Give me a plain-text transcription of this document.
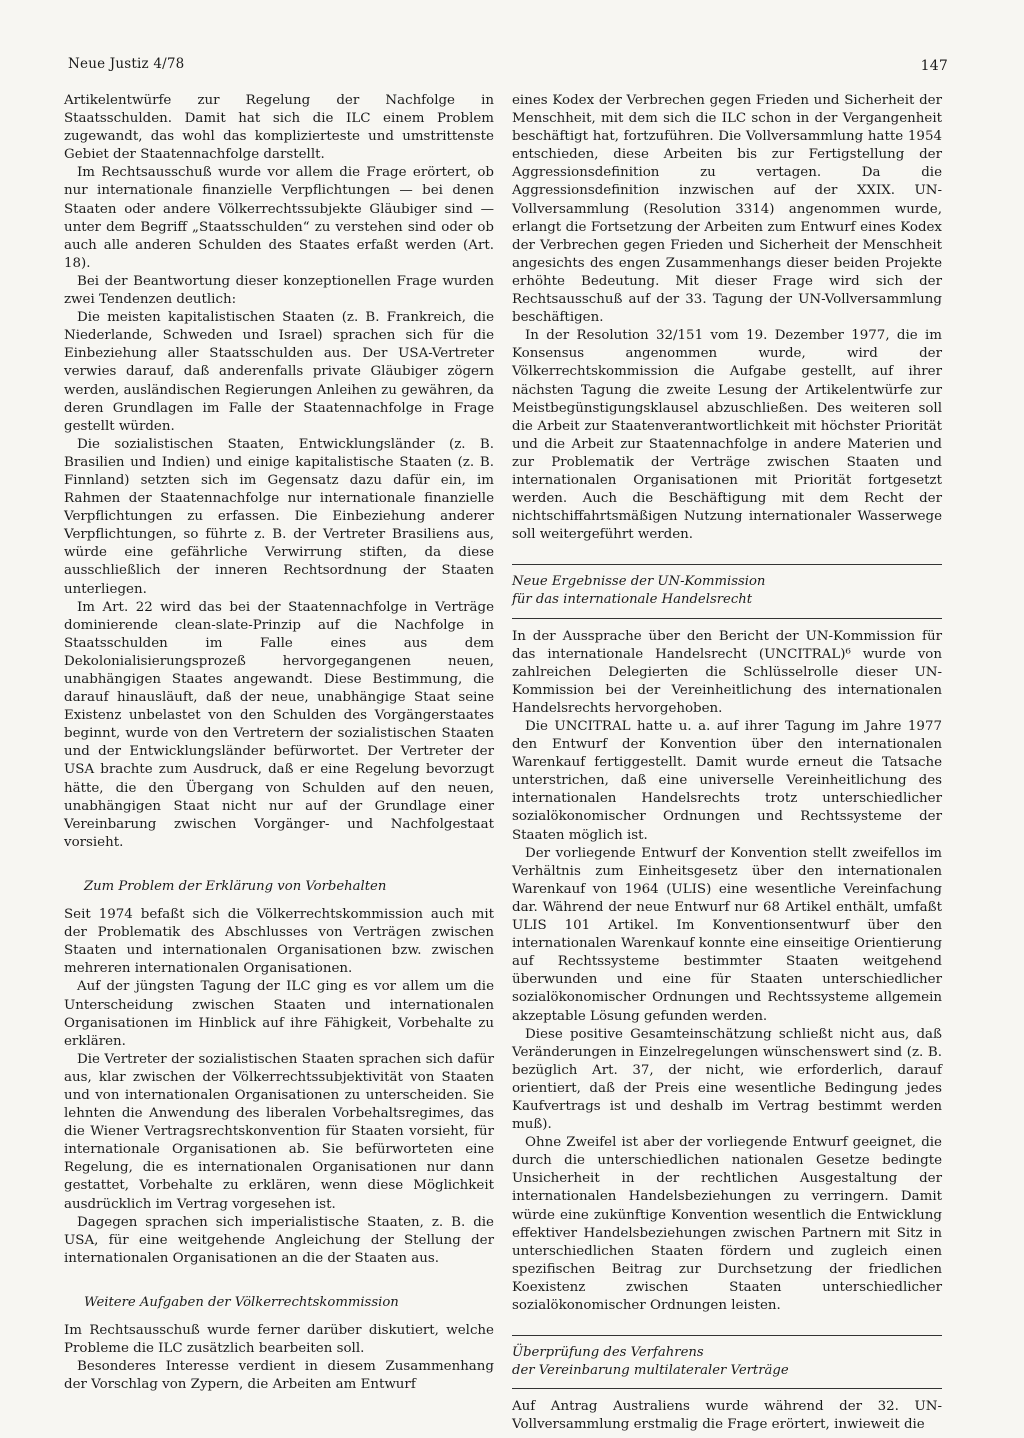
Neue Justiz 4/78	147

Artikelentwürfe zur Regelung der Nachfolge in Staatsschulden. Damit hat sich die ILC einem Problem zugewandt, das wohl das komplizierteste und umstrittenste Gebiet der Staatennachfolge darstellt.

Im Rechtsausschuß wurde vor allem die Frage erörtert, ob nur internationale finanzielle Verpflichtungen — bei denen Staaten oder andere Völkerrechtssubjekte Gläubiger sind — unter dem Begriff „Staatsschulden“ zu verstehen sind oder ob auch alle anderen Schulden des Staates erfaßt werden (Art. 18).

Bei der Beantwortung dieser konzeptionellen Frage wurden zwei Tendenzen deutlich:

Die meisten kapitalistischen Staaten (z. B. Frankreich, die Niederlande, Schweden und Israel) sprachen sich für die Einbeziehung aller Staatsschulden aus. Der USA-Vertreter verwies darauf, daß anderenfalls private Gläubiger zögern werden, ausländischen Regierungen Anleihen zu gewähren, da deren Grundlagen im Falle der Staatennachfolge in Frage gestellt würden.

Die sozialistischen Staaten, Entwicklungsländer (z. B. Brasilien und Indien) und einige kapitalistische Staaten (z. B. Finnland) setzten sich im Gegensatz dazu dafür ein, im Rahmen der Staatennachfolge nur internationale finanzielle Verpflichtungen zu erfassen. Die Einbeziehung anderer Verpflichtungen, so führte z. B. der Vertreter Brasiliens aus, würde eine gefährliche Verwirrung stiften, da diese ausschließlich der inneren Rechtsordnung der Staaten unterliegen.

Im Art. 22 wird das bei der Staatennachfolge in Verträge dominierende clean-slate-Prinzip auf die Nachfolge in Staatsschulden im Falle eines aus dem Dekolonialisierungsprozeß hervorgegangenen neuen, unabhängigen Staates angewandt. Diese Bestimmung, die darauf hinausläuft, daß der neue, unabhängige Staat seine Existenz unbelastet von den Schulden des Vorgängerstaates beginnt, wurde von den Vertretern der sozialistischen Staaten und der Entwicklungsländer befürwortet. Der Vertreter der USA brachte zum Ausdruck, daß er eine Regelung bevorzugt hätte, die den Übergang von Schulden auf den neuen, unabhängigen Staat nicht nur auf der Grundlage einer Vereinbarung zwischen Vorgänger- und Nachfolgestaat vorsieht.

Zum Problem der Erklärung von Vorbehalten

Seit 1974 befaßt sich die Völkerrechtskommission auch mit der Problematik des Abschlusses von Verträgen zwischen Staaten und internationalen Organisationen bzw. zwischen mehreren internationalen Organisationen.

Auf der jüngsten Tagung der ILC ging es vor allem um die Unterscheidung zwischen Staaten und internationalen Organisationen im Hinblick auf ihre Fähigkeit, Vorbehalte zu erklären.

Die Vertreter der sozialistischen Staaten sprachen sich dafür aus, klar zwischen der Völkerrechtssubjektivität von Staaten und von internationalen Organisationen zu unterscheiden. Sie lehnten die Anwendung des liberalen Vorbehaltsregimes, das die Wiener Vertragsrechtskonvention für Staaten vorsieht, für internationale Organisationen ab. Sie befürworteten eine Regelung, die es internationalen Organisationen nur dann gestattet, Vorbehalte zu erklären, wenn diese Möglichkeit ausdrücklich im Vertrag vorgesehen ist.

Dagegen sprachen sich imperialistische Staaten, z. B. die USA, für eine weitgehende Angleichung der Stellung der internationalen Organisationen an die der Staaten aus.

Weitere Aufgaben der Völkerrechtskommission

Im Rechtsausschuß wurde ferner darüber diskutiert, welche Probleme die ILC zusätzlich bearbeiten soll.

Besonderes Interesse verdient in diesem Zusammenhang der Vorschlag von Zypern, die Arbeiten am Entwurf

eines Kodex der Verbrechen gegen Frieden und Sicherheit der Menschheit, mit dem sich die ILC schon in der Vergangenheit beschäftigt hat, fortzuführen. Die Vollversammlung hatte 1954 entschieden, diese Arbeiten bis zur Fertigstellung der Aggressionsdefinition zu vertagen. Da die Aggressionsdefinition inzwischen auf der XXIX. UN-Vollversammlung (Resolution 3314) angenommen wurde, erlangt die Fortsetzung der Arbeiten zum Entwurf eines Kodex der Verbrechen gegen Frieden und Sicherheit der Menschheit angesichts des engen Zusammenhangs dieser beiden Projekte erhöhte Bedeutung. Mit dieser Frage wird sich der Rechtsausschuß auf der 33. Tagung der UN-Vollversammlung beschäftigen.

In der Resolution 32/151 vom 19. Dezember 1977, die im Konsensus angenommen wurde, wird der Völkerrechtskommission die Aufgabe gestellt, auf ihrer nächsten Tagung die zweite Lesung der Artikelentwürfe zur Meistbegünstigungsklausel abzuschließen. Des weiteren soll die Arbeit zur Staatenverantwortlichkeit mit höchster Priorität und die Arbeit zur Staatennachfolge in andere Materien und zur Problematik der Verträge zwischen Staaten und internationalen Organisationen mit Priorität fortgesetzt werden. Auch die Beschäftigung mit dem Recht der nichtschiffahrtsmäßigen Nutzung internationaler Wasserwege soll weitergeführt werden.

Neue Ergebnisse der UN-Kommission
für das internationale Handelsrecht

In der Aussprache über den Bericht der UN-Kommission für das internationale Handelsrecht (UNCITRAL)⁶ wurde von zahlreichen Delegierten die Schlüsselrolle dieser UN-Kommission bei der Vereinheitlichung des internationalen Handelsrechts hervorgehoben.

Die UNCITRAL hatte u. a. auf ihrer Tagung im Jahre 1977 den Entwurf der Konvention über den internationalen Warenkauf fertiggestellt. Damit wurde erneut die Tatsache unterstrichen, daß eine universelle Vereinheitlichung des internationalen Handelsrechts trotz unterschiedlicher sozialökonomischer Ordnungen und Rechtssysteme der Staaten möglich ist.

Der vorliegende Entwurf der Konvention stellt zweifellos im Verhältnis zum Einheitsgesetz über den internationalen Warenkauf von 1964 (ULIS) eine wesentliche Vereinfachung dar. Während der neue Entwurf nur 68 Artikel enthält, umfaßt ULIS 101 Artikel. Im Konventionsentwurf über den internationalen Warenkauf konnte eine einseitige Orientierung auf Rechtssysteme bestimmter Staaten weitgehend überwunden und eine für Staaten unterschiedlicher sozialökonomischer Ordnungen und Rechtssysteme allgemein akzeptable Lösung gefunden werden.

Diese positive Gesamteinschätzung schließt nicht aus, daß Veränderungen in Einzelregelungen wünschenswert sind (z. B. bezüglich Art. 37, der nicht, wie erforderlich, darauf orientiert, daß der Preis eine wesentliche Bedingung jedes Kaufvertrags ist und deshalb im Vertrag bestimmt werden muß).

Ohne Zweifel ist aber der vorliegende Entwurf geeignet, die durch die unterschiedlichen nationalen Gesetze bedingte Unsicherheit in der rechtlichen Ausgestaltung der internationalen Handelsbeziehungen zu verringern. Damit würde eine zukünftige Konvention wesentlich die Entwicklung effektiver Handelsbeziehungen zwischen Partnern mit Sitz in unterschiedlichen Staaten fördern und zugleich einen spezifischen Beitrag zur Durchsetzung der friedlichen Koexistenz zwischen Staaten unterschiedlicher sozialökonomischer Ordnungen leisten.

Überprüfung des Verfahrens
der Vereinbarung multilateraler Verträge

Auf Antrag Australiens wurde während der 32. UN-Vollversammlung erstmalig die Frage erörtert, inwieweit die
